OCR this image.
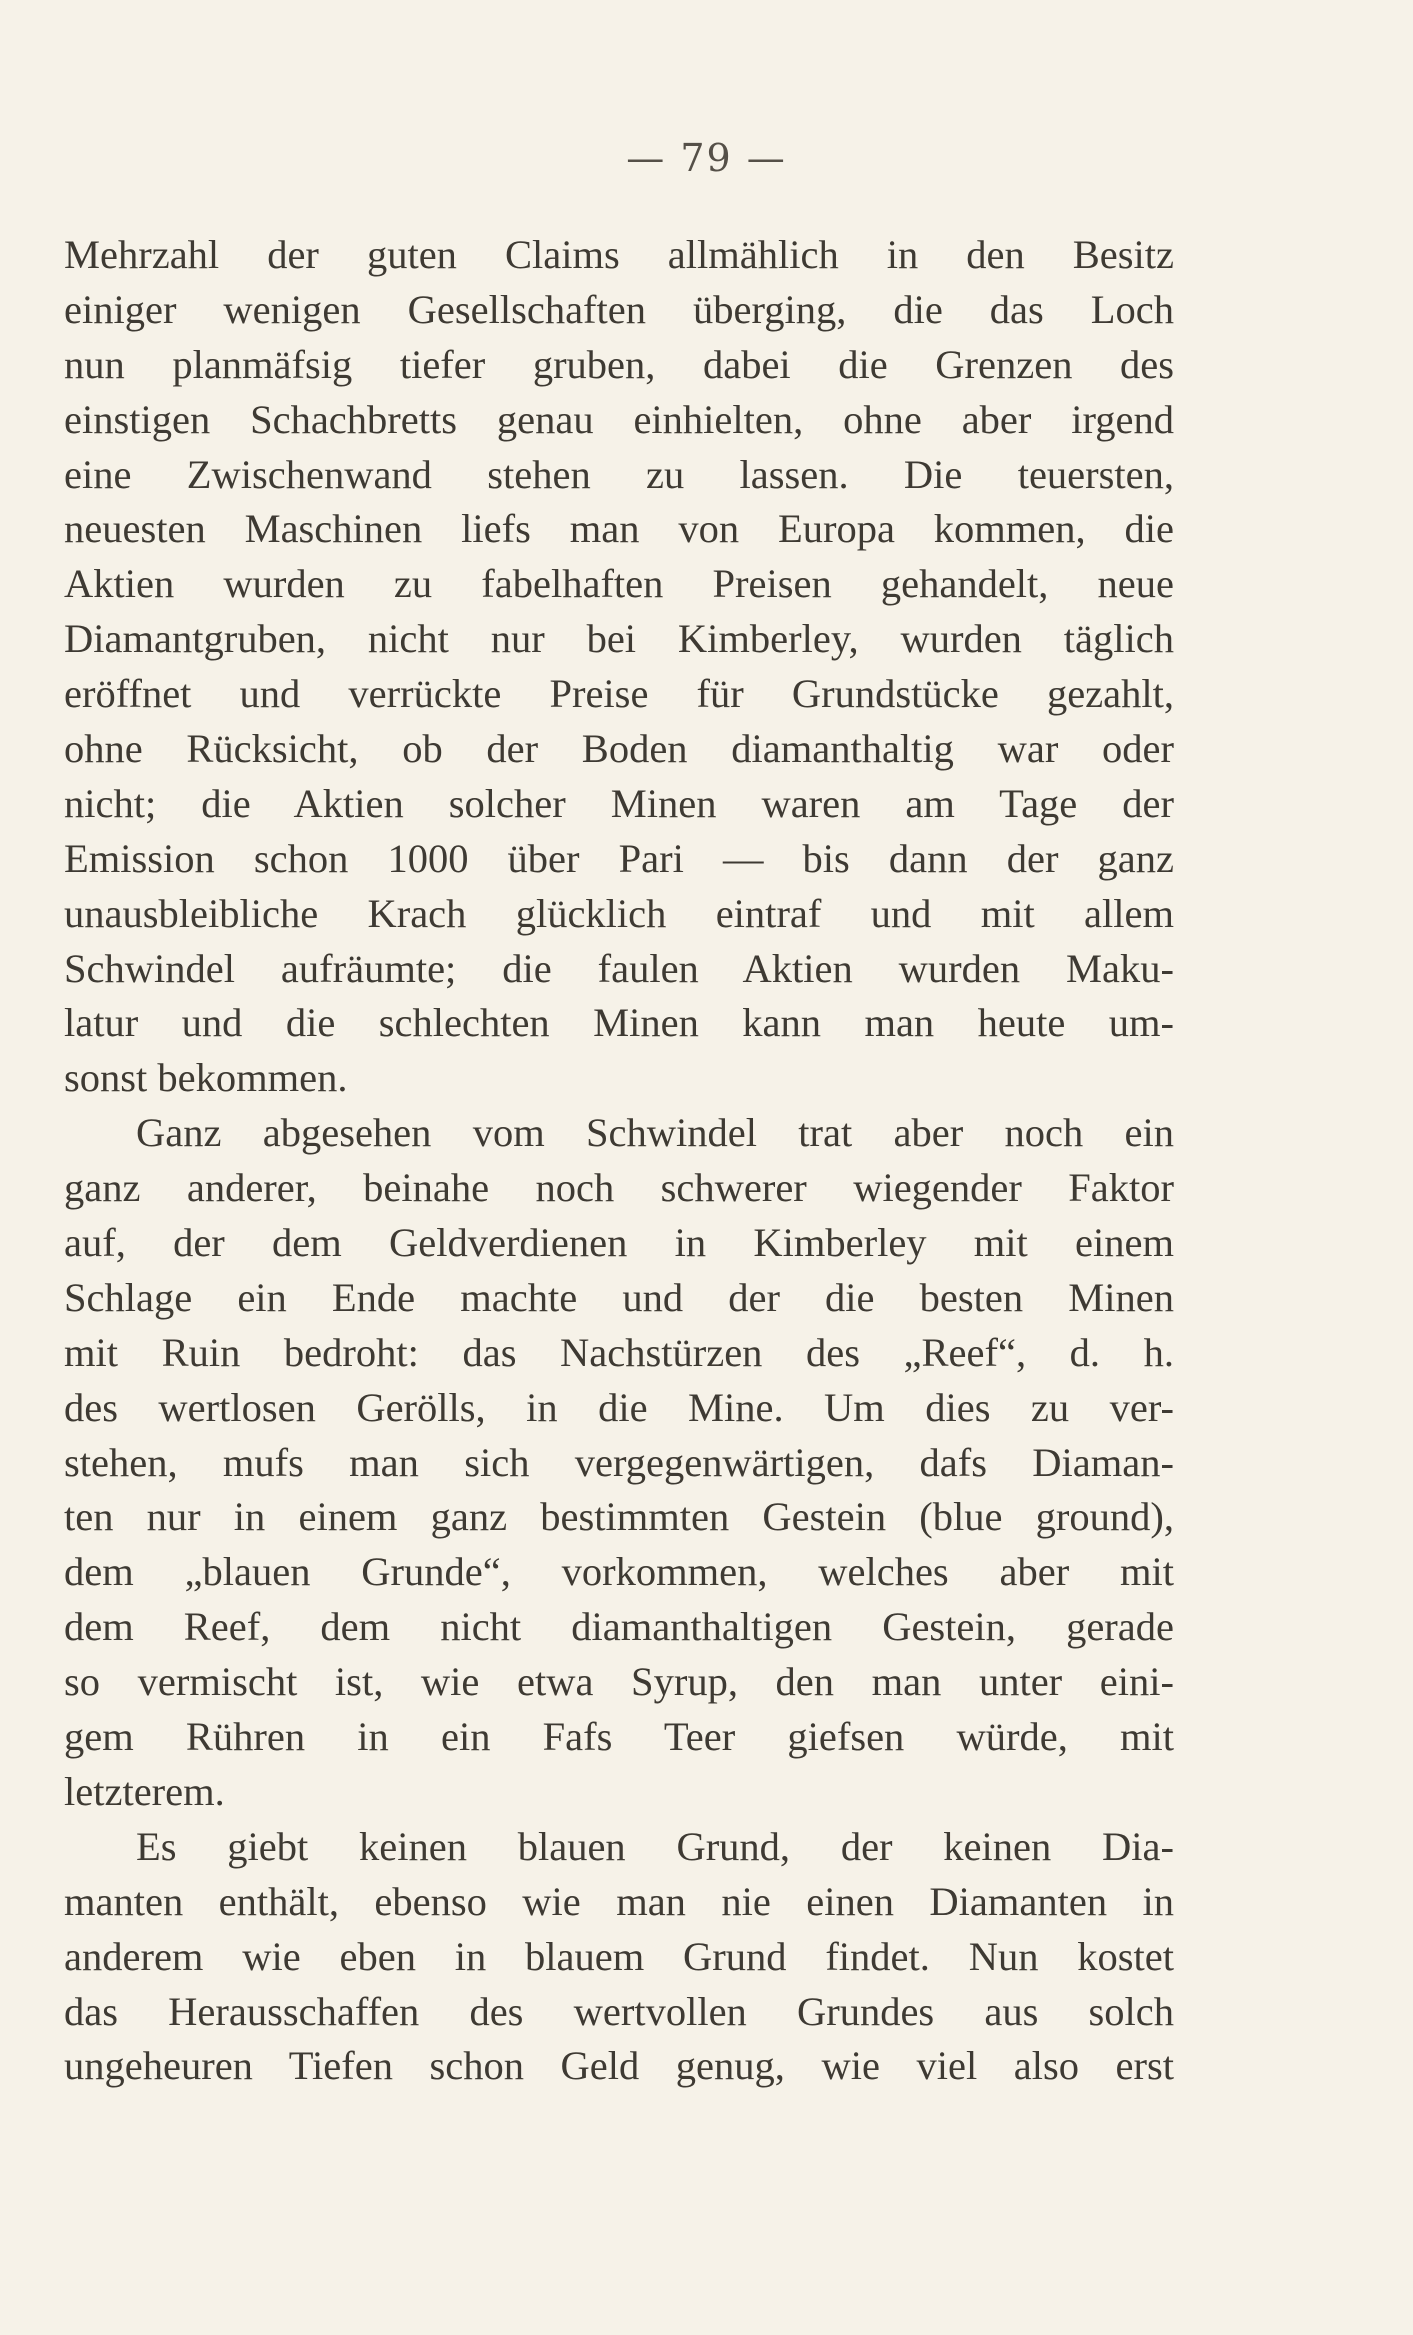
— 79 —
Mehrzahl der guten Claims allmählich in den Besitz
einiger wenigen Gesellschaften überging, die das Loch
nun planmäfsig tiefer gruben, dabei die Grenzen des
einstigen Schachbretts genau einhielten, ohne aber irgend
eine Zwischenwand stehen zu lassen. Die teuersten,
neuesten Maschinen liefs man von Europa kommen, die
Aktien wurden zu fabelhaften Preisen gehandelt, neue
Diamantgruben, nicht nur bei Kimberley, wurden täglich
eröffnet und verrückte Preise für Grundstücke gezahlt,
ohne Rücksicht, ob der Boden diamanthaltig war oder
nicht; die Aktien solcher Minen waren am Tage der
Emission schon 1000 über Pari — bis dann der ganz
unausbleibliche Krach glücklich eintraf und mit allem
Schwindel aufräumte; die faulen Aktien wurden Maku-
latur und die schlechten Minen kann man heute um-
sonst bekommen.
Ganz abgesehen vom Schwindel trat aber noch ein
ganz anderer, beinahe noch schwerer wiegender Faktor
auf, der dem Geldverdienen in Kimberley mit einem
Schlage ein Ende machte und der die besten Minen
mit Ruin bedroht: das Nachstürzen des „Reef“, d. h.
des wertlosen Gerölls, in die Mine. Um dies zu ver-
stehen, mufs man sich vergegenwärtigen, dafs Diaman-
ten nur in einem ganz bestimmten Gestein (blue ground),
dem „blauen Grunde“, vorkommen, welches aber mit
dem Reef, dem nicht diamanthaltigen Gestein, gerade
so vermischt ist, wie etwa Syrup, den man unter eini-
gem Rühren in ein Fafs Teer giefsen würde, mit
letzterem.
Es giebt keinen blauen Grund, der keinen Dia-
manten enthält, ebenso wie man nie einen Diamanten in
anderem wie eben in blauem Grund findet. Nun kostet
das Herausschaffen des wertvollen Grundes aus solch
ungeheuren Tiefen schon Geld genug, wie viel also erst
